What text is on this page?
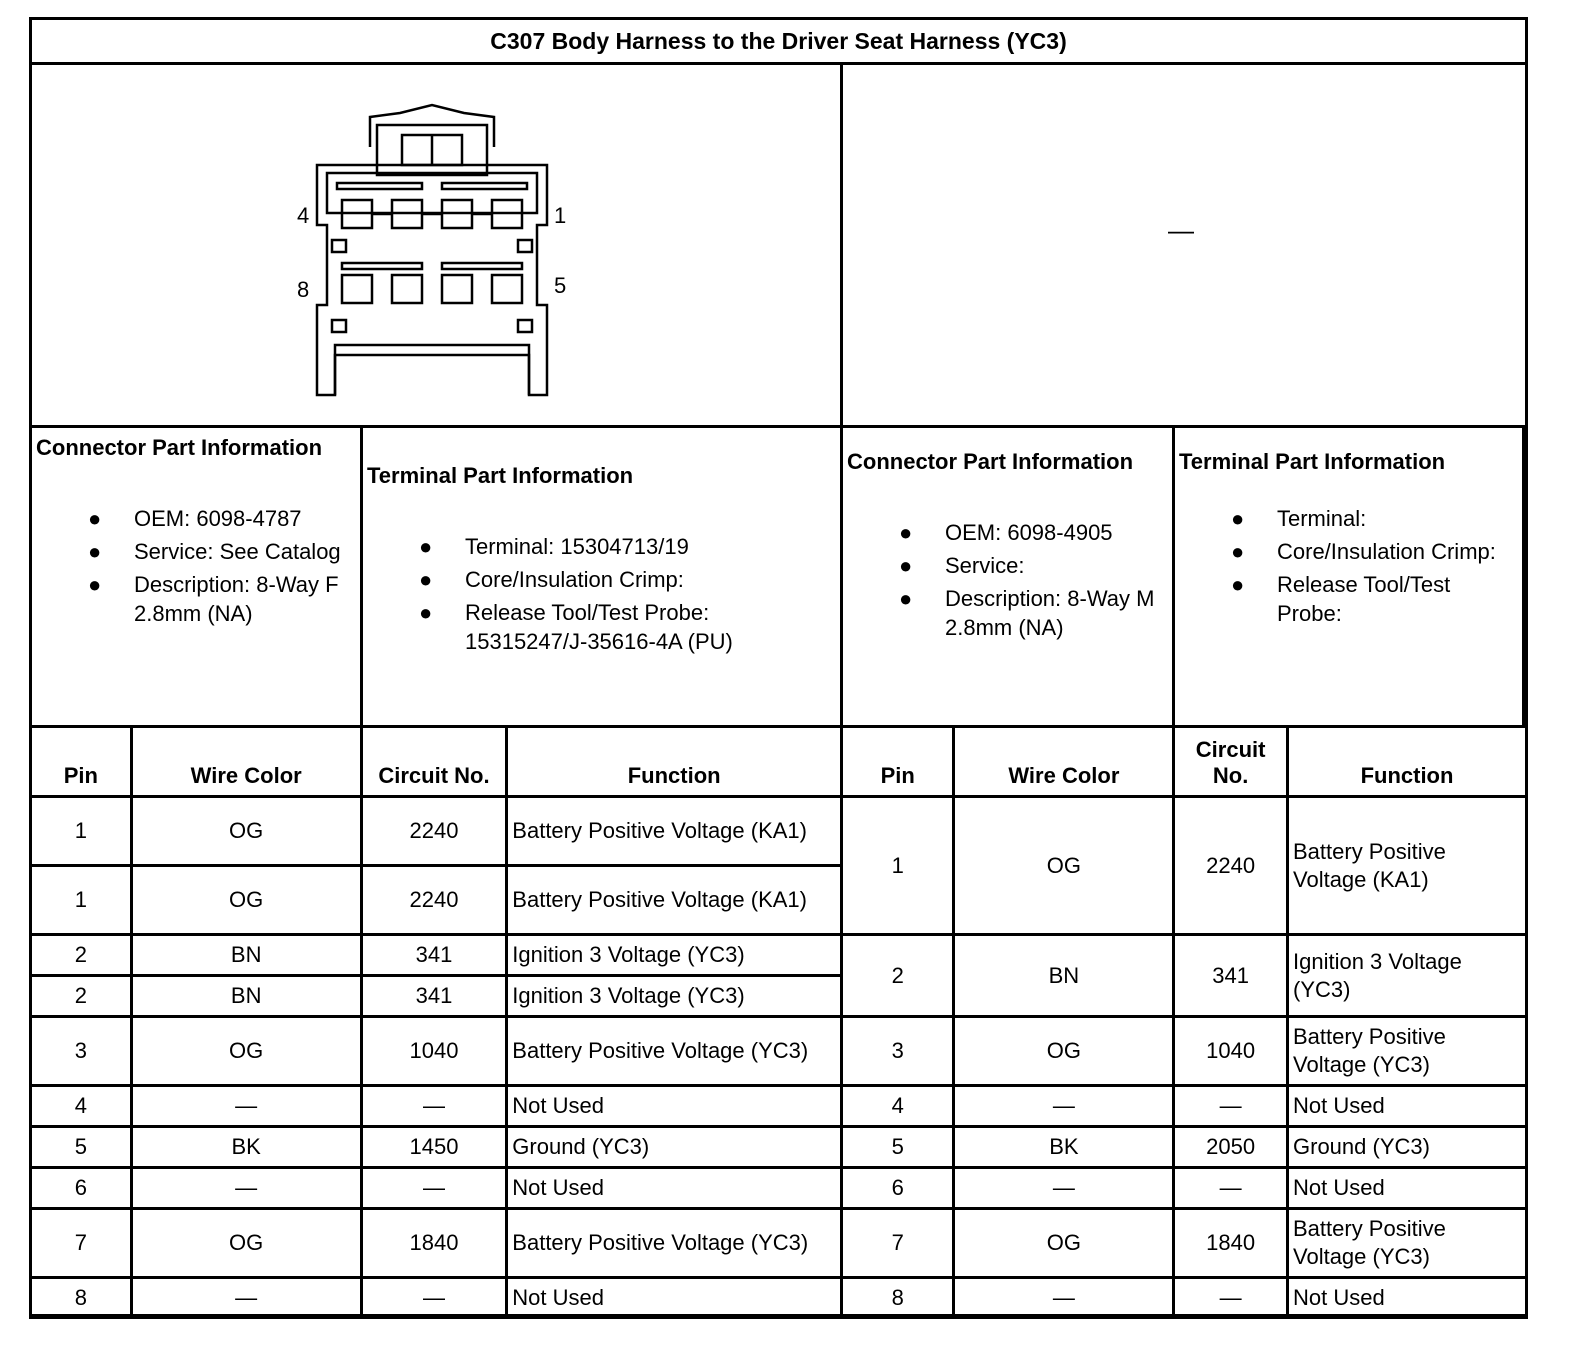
C307 Body Harness to the Driver Seat Harness (YC3)
4	1
8	5
—
Connector Part Information
● OEM: 6098-4787
● Service: See Catalog
● Description: 8-Way F 2.8mm (NA)
Terminal Part Information
● Terminal: 15304713/19
● Core/Insulation Crimp:
● Release Tool/Test Probe: 15315247/J-35616-4A (PU)
Connector Part Information
● OEM: 6098-4905
● Service:
● Description: 8-Way M 2.8mm (NA)
Terminal Part Information
● Terminal:
● Core/Insulation Crimp:
● Release Tool/Test Probe:
Pin	Wire Color	Circuit No.	Function
1	OG	2240	Battery Positive Voltage (KA1)
1	OG	2240	Battery Positive Voltage (KA1)
2	BN	341	Ignition 3 Voltage (YC3)
2	BN	341	Ignition 3 Voltage (YC3)
3	OG	1040	Battery Positive Voltage (YC3)
4	—	—	Not Used
5	BK	1450	Ground (YC3)
6	—	—	Not Used
7	OG	1840	Battery Positive Voltage (YC3)
8	—	—	Not Used
Pin	Wire Color	Circuit No.	Function
1	OG	2240	Battery Positive Voltage (KA1)
2	BN	341	Ignition 3 Voltage (YC3)
3	OG	1040	Battery Positive Voltage (YC3)
4	—	—	Not Used
5	BK	2050	Ground (YC3)
6	—	—	Not Used
7	OG	1840	Battery Positive Voltage (YC3)
8	—	—	Not Used
